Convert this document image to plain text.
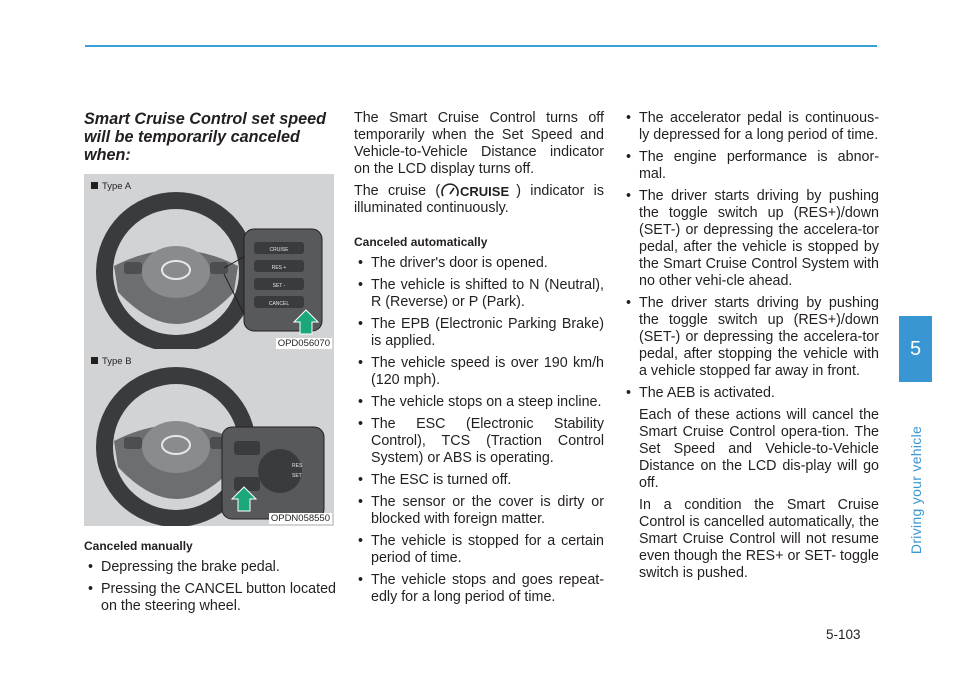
Smart Cruise Control set speed will be temporarily canceled when:
CRUISE
RES +
SET -
CANCEL
Type A
OPD056070
RES
SET
Type B
OPDN058550

Canceled manually

• Depressing the brake pedal.

• Pressing the CANCEL button located on the steering wheel.

The Smart Cruise Control turns off temporarily when the Set Speed and Vehicle-to-Vehicle Distance indicator on the LCD display turns off.

The cruise ( CRUISE ) indicator is illuminated continuously.

Canceled automatically

• The driver's door is opened.

• The vehicle is shifted to N (Neutral), R (Reverse) or P (Park).

• The EPB (Electronic Parking Brake) is applied.

• The vehicle speed is over 190 km/h (120 mph).

• The vehicle stops on a steep incline.

• The ESC (Electronic Stability Control), TCS (Traction Control System) or ABS is operating.

• The ESC is turned off.

• The sensor or the cover is dirty or blocked with foreign matter.

• The vehicle is stopped for a certain period of time.

• The vehicle stops and goes repeat-edly for a long period of time.

• The accelerator pedal is continuous-ly depressed for a long period of time.

• The engine performance is abnor-mal.

• The driver starts driving by pushing the toggle switch up (RES+)/down (SET-) or depressing the accelera-tor pedal, after the vehicle is stopped by the Smart Cruise Control System with no other vehi-cle ahead.

• The driver starts driving by pushing the toggle switch up (RES+)/down (SET-) or depressing the accelera-tor pedal, after stopping the vehicle with a vehicle stopped far away in front.

• The AEB is activated.

Each of these actions will cancel the Smart Cruise Control opera-tion. The Set Speed and Vehicle-to-Vehicle Distance on the LCD dis-play will go off.

In a condition the Smart Cruise Control is cancelled automatically, the Smart Cruise Control will not resume even though the RES+ or SET- toggle switch is pushed.

5
Driving your vehicle
5-103
